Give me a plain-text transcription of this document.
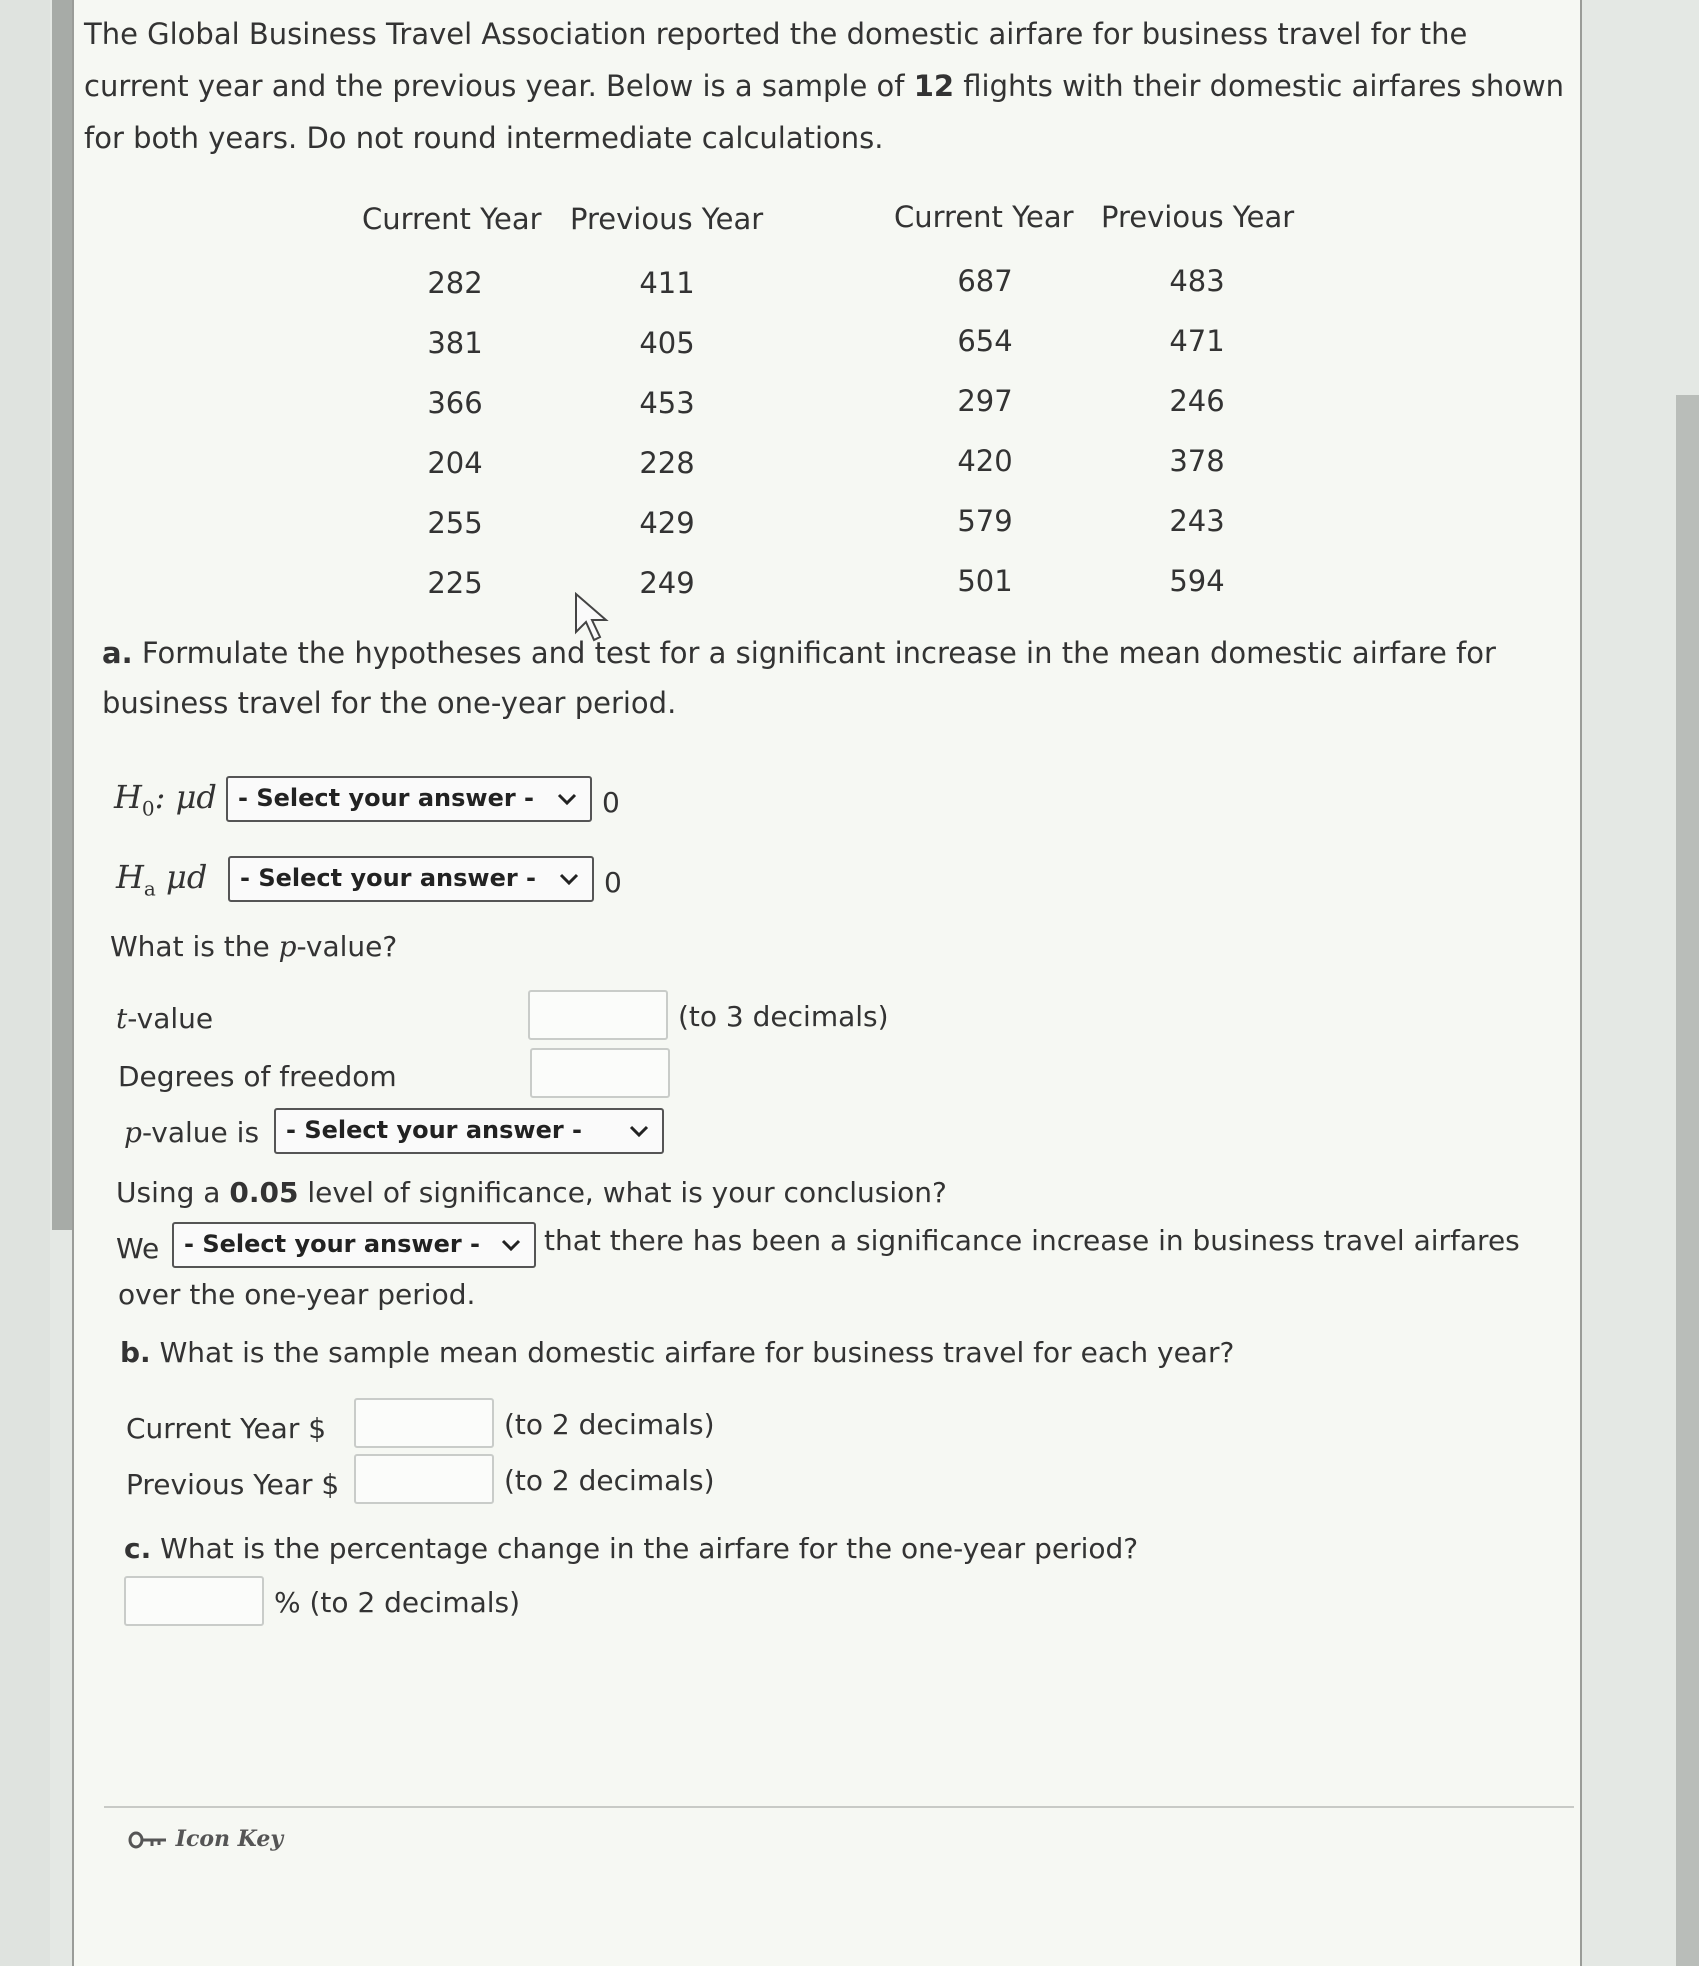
The Global Business Travel Association reported the domestic airfare for business travel for the current year and the previous year. Below is a sample of 12 flights with their domestic airfares shown for both years. Do not round intermediate calculations.
Current Year Previous Year	Current Year Previous Year
282	411	687	483
381	405	654	471
366	453	297	246
204	228	420	378
255	429	579	243
225	249	501	594
a. Formulate the hypotheses and test for a significant increase in the mean domestic airfare for business travel for the one-year period.
$H_0$: μd - Select your answer -	0
$H_a$ μd	- Select your answer -	0
What is the p-value?
t-value	(to 3 decimals)
Degrees of freedom
p-value is	- Select your answer -
Using a 0.05 level of significance, what is your conclusion?
We	- Select your answer -	that there has been a significance increase in business travel airfares
over the one-year period.
b. What is the sample mean domestic airfare for business travel for each year?
Current Year $	(to 2 decimals)
Previous Year $	(to 2 decimals)
c. What is the percentage change in the airfare for the one-year period?
% (to 2 decimals)
Icon Key
